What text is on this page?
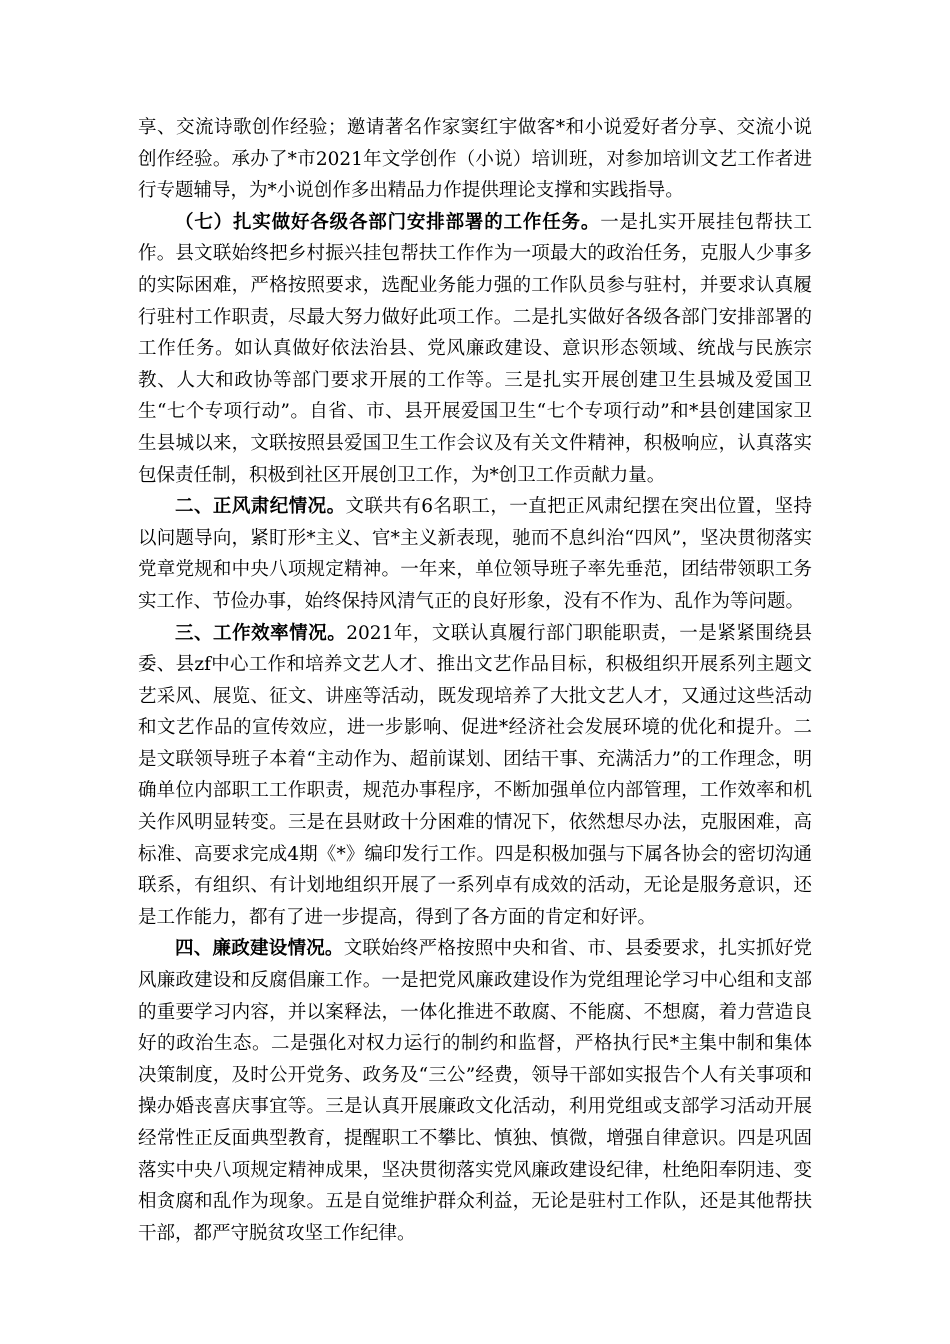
享、交流诗歌创作经验；邀请著名作家窦红宇做客*和小说爱好者分享、交流小说创作经验。承办了*市2021年文学创作（小说）培训班，对参加培训文艺工作者进行专题辅导，为*小说创作多出精品力作提供理论支撑和实践指导。

（七）扎实做好各级各部门安排部署的工作任务。一是扎实开展挂包帮扶工作。县文联始终把乡村振兴挂包帮扶工作作为一项最大的政治任务，克服人少事多的实际困难，严格按照要求，选配业务能力强的工作队员参与驻村，并要求认真履行驻村工作职责，尽最大努力做好此项工作。二是扎实做好各级各部门安排部署的工作任务。如认真做好依法治县、党风廉政建设、意识形态领域、统战与民族宗教、人大和政协等部门要求开展的工作等。三是扎实开展创建卫生县城及爱国卫生“七个专项行动”。自省、市、县开展爱国卫生“七个专项行动”和*县创建国家卫生县城以来，文联按照县爱国卫生工作会议及有关文件精神，积极响应，认真落实包保责任制，积极到社区开展创卫工作，为*创卫工作贡献力量。

二、正风肃纪情况。文联共有6名职工，一直把正风肃纪摆在突出位置，坚持以问题导向，紧盯形*主义、官*主义新表现，驰而不息纠治“四风”，坚决贯彻落实党章党规和中央八项规定精神。一年来，单位领导班子率先垂范，团结带领职工务实工作、节俭办事，始终保持风清气正的良好形象，没有不作为、乱作为等问题。

三、工作效率情况。2021年，文联认真履行部门职能职责，一是紧紧围绕县委、县zf中心工作和培养文艺人才、推出文艺作品目标，积极组织开展系列主题文艺采风、展览、征文、讲座等活动，既发现培养了大批文艺人才，又通过这些活动和文艺作品的宣传效应，进一步影响、促进*经济社会发展环境的优化和提升。二是文联领导班子本着“主动作为、超前谋划、团结干事、充满活力”的工作理念，明确单位内部职工工作职责，规范办事程序，不断加强单位内部管理，工作效率和机关作风明显转变。三是在县财政十分困难的情况下，依然想尽办法，克服困难，高标准、高要求完成4期《*》编印发行工作。四是积极加强与下属各协会的密切沟通联系，有组织、有计划地组织开展了一系列卓有成效的活动，无论是服务意识，还是工作能力，都有了进一步提高，得到了各方面的肯定和好评。

四、廉政建设情况。文联始终严格按照中央和省、市、县委要求，扎实抓好党风廉政建设和反腐倡廉工作。一是把党风廉政建设作为党组理论学习中心组和支部的重要学习内容，并以案释法，一体化推进不敢腐、不能腐、不想腐，着力营造良好的政治生态。二是强化对权力运行的制约和监督，严格执行民*主集中制和集体决策制度，及时公开党务、政务及“三公”经费，领导干部如实报告个人有关事项和操办婚丧喜庆事宜等。三是认真开展廉政文化活动，利用党组或支部学习活动开展经常性正反面典型教育，提醒职工不攀比、慎独、慎微，增强自律意识。四是巩固落实中央八项规定精神成果，坚决贯彻落实党风廉政建设纪律，杜绝阳奉阴违、变相贪腐和乱作为现象。五是自觉维护群众利益，无论是驻村工作队，还是其他帮扶干部，都严守脱贫攻坚工作纪律。
